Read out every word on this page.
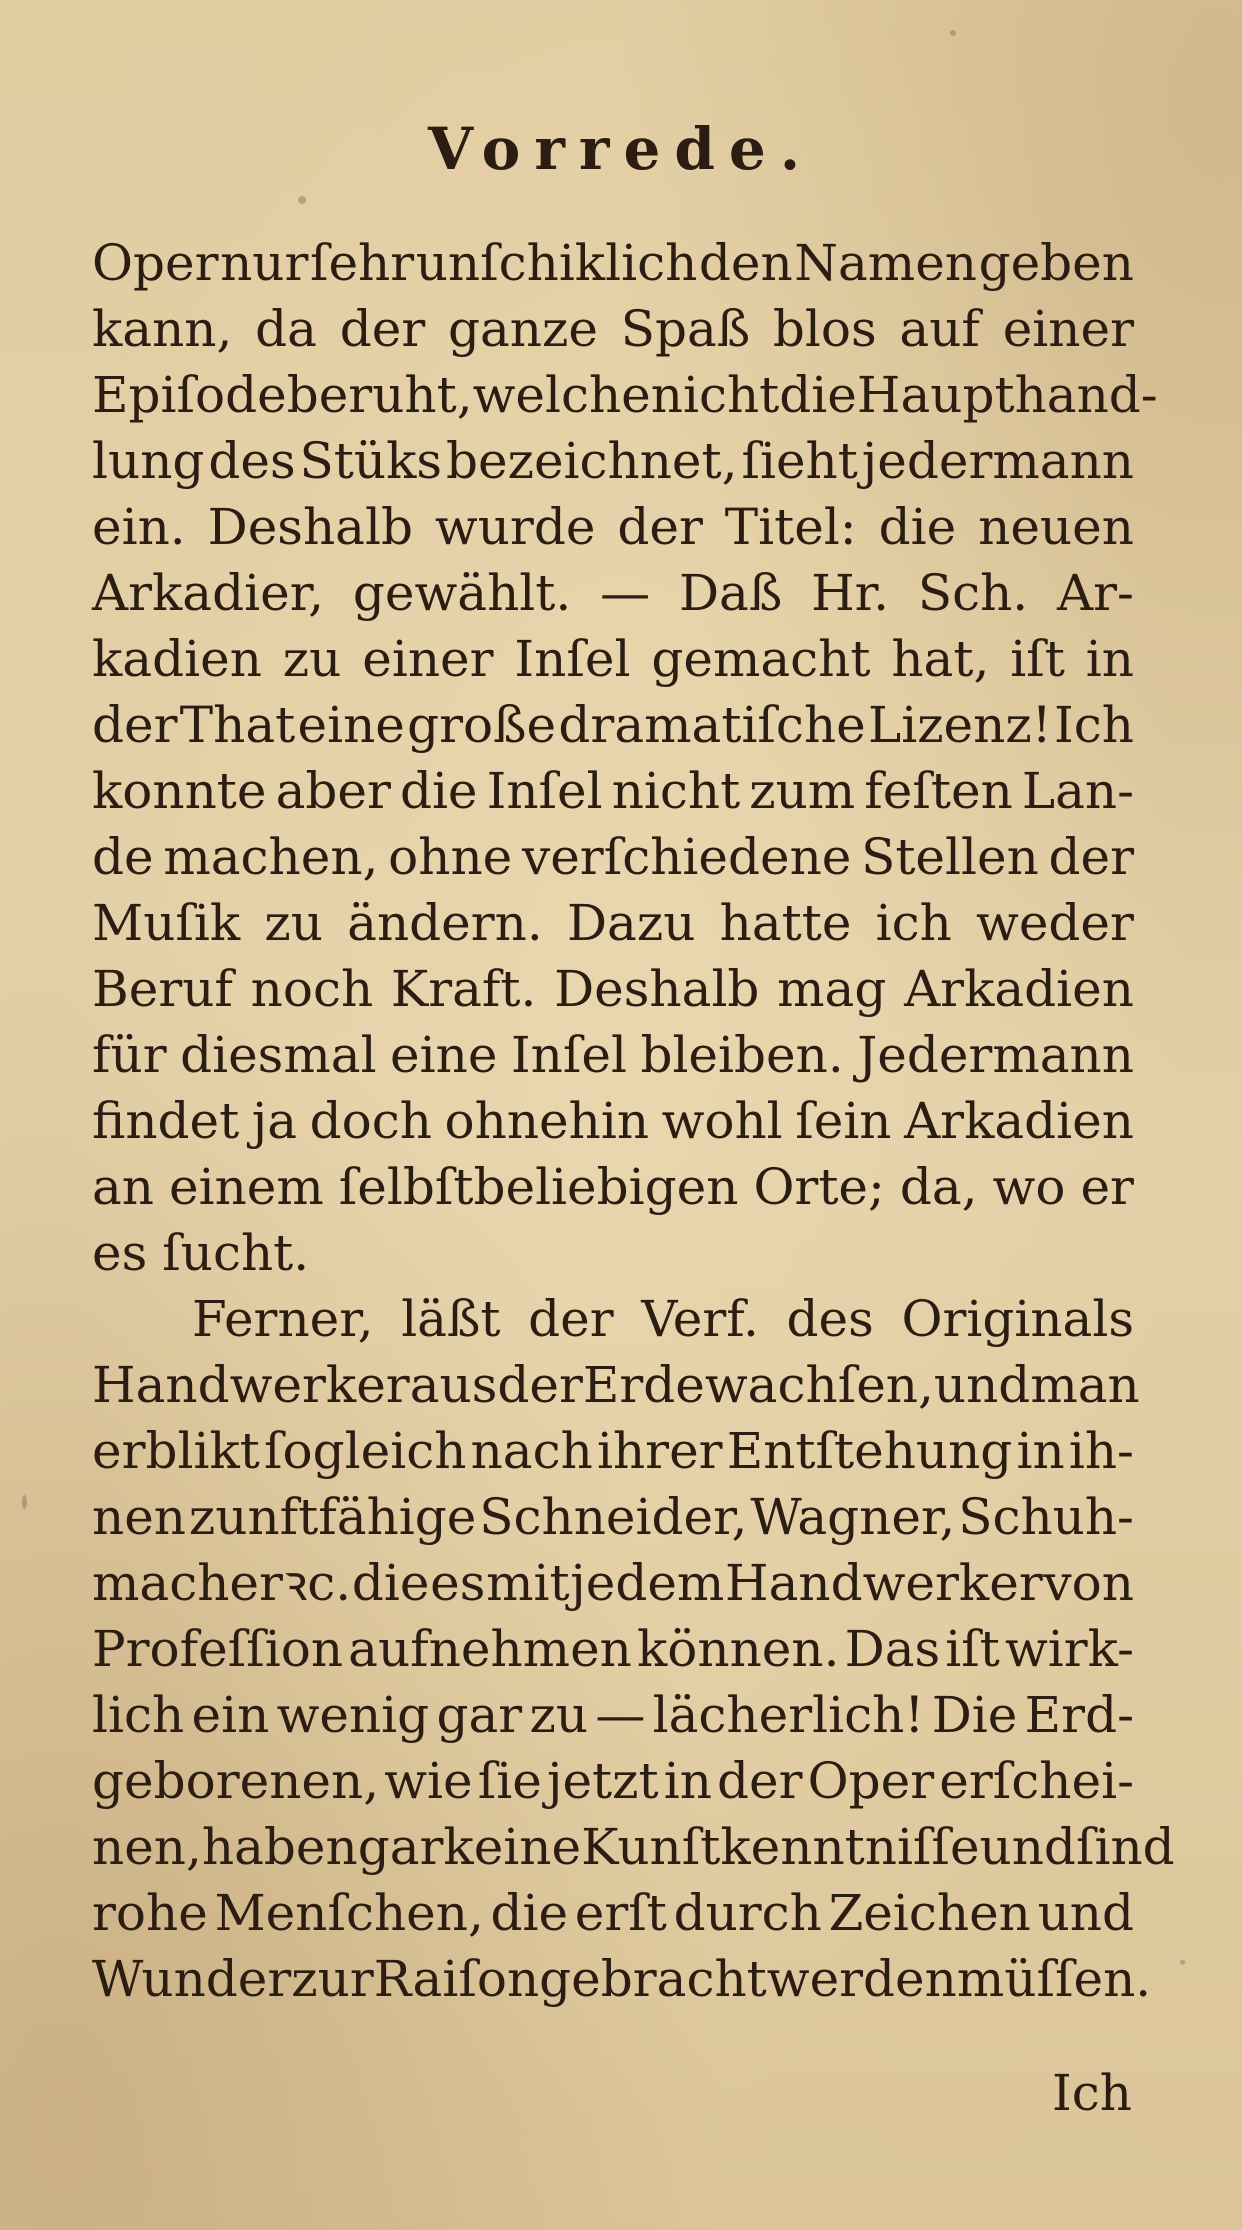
Vorrede.
Oper nur ſehr unſchiklich den Namen geben
kann, da der ganze Spaß blos auf einer
Epiſode beruht, welche nicht die Haupthand-
lung des Stüks bezeichnet, ſieht jedermann
ein. Deshalb wurde der Titel: die neuen
Arkadier, gewählt. — Daß Hr. Sch. Ar-
kadien zu einer Inſel gemacht hat, iſt in
der That eine große dramatiſche Lizenz! Ich
konnte aber die Inſel nicht zum feſten Lan-
de machen, ohne verſchiedene Stellen der
Muſik zu ändern. Dazu hatte ich weder
Beruf noch Kraft. Deshalb mag Arkadien
für diesmal eine Inſel bleiben. Jedermann
findet ja doch ohnehin wohl ſein Arkadien
an einem ſelbſtbeliebigen Orte; da, wo er
es ſucht.
Ferner, läßt der Verf. des Originals
Handwerker aus der Erde wachſen, und man
erblikt ſogleich nach ihrer Entſtehung in ih-
nen zunftfähige Schneider, Wagner, Schuh-
macher ꝛc. die es mit jedem Handwerker von
Profeſſion aufnehmen können. Das iſt wirk-
lich ein wenig gar zu — lächerlich! Die Erd-
geborenen, wie ſie jetzt in der Oper erſchei-
nen, haben gar keine Kunſtkenntniſſe und ſind
rohe Menſchen, die erſt durch Zeichen und
Wunder zur Raiſon gebracht werden müſſen.
Ich
